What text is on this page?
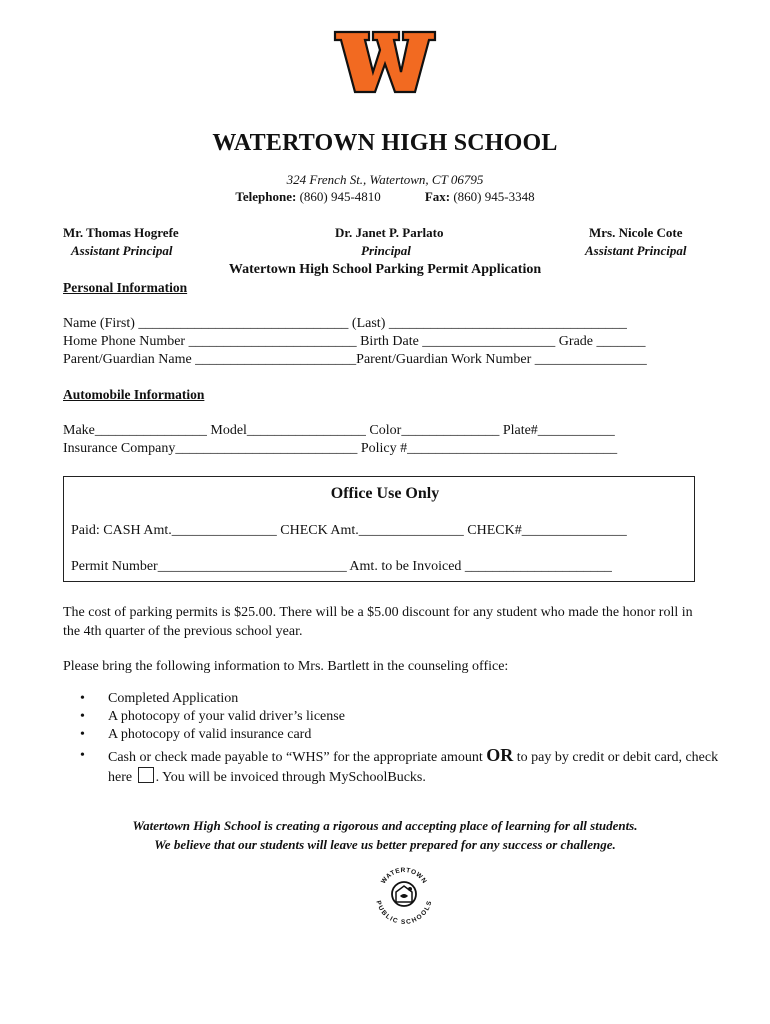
WATERTOWN HIGH SCHOOL
324 French St., Watertown, CT 06795
Telephone: (860) 945-4810	Fax: (860) 945-3348
Mr. Thomas Hogrefe
Assistant Principal
Dr. Janet P. Parlato
Principal
Mrs. Nicole Cote
Assistant Principal
Watertown High School Parking Permit Application
Personal Information
Name (First) ______________________________ (Last) __________________________________
Home Phone Number ________________________ Birth Date ___________________ Grade _______
Parent/Guardian Name _______________________Parent/Guardian Work Number ________________
Automobile Information
Make________________ Model_________________ Color______________ Plate#___________
Insurance Company__________________________ Policy #______________________________
Office Use Only
Paid: CASH Amt._______________ CHECK Amt._______________ CHECK#_______________
Permit Number___________________________ Amt. to be Invoiced _____________________
The cost of parking permits is $25.00. There will be a $5.00 discount for any student who made the honor roll in the 4th quarter of the previous school year.
Please bring the following information to Mrs. Bartlett in the counseling office:
• Completed Application
• A photocopy of your valid driver’s license
• A photocopy of valid insurance card
• Cash or check made payable to “WHS” for the appropriate amount OR to pay by credit or debit card, check here . You will be invoiced through MySchoolBucks.
Watertown High School is creating a rigorous and accepting place of learning for all students.
We believe that our students will leave us better prepared for any success or challenge.
WATERTOWN
PUBLIC SCHOOLS
